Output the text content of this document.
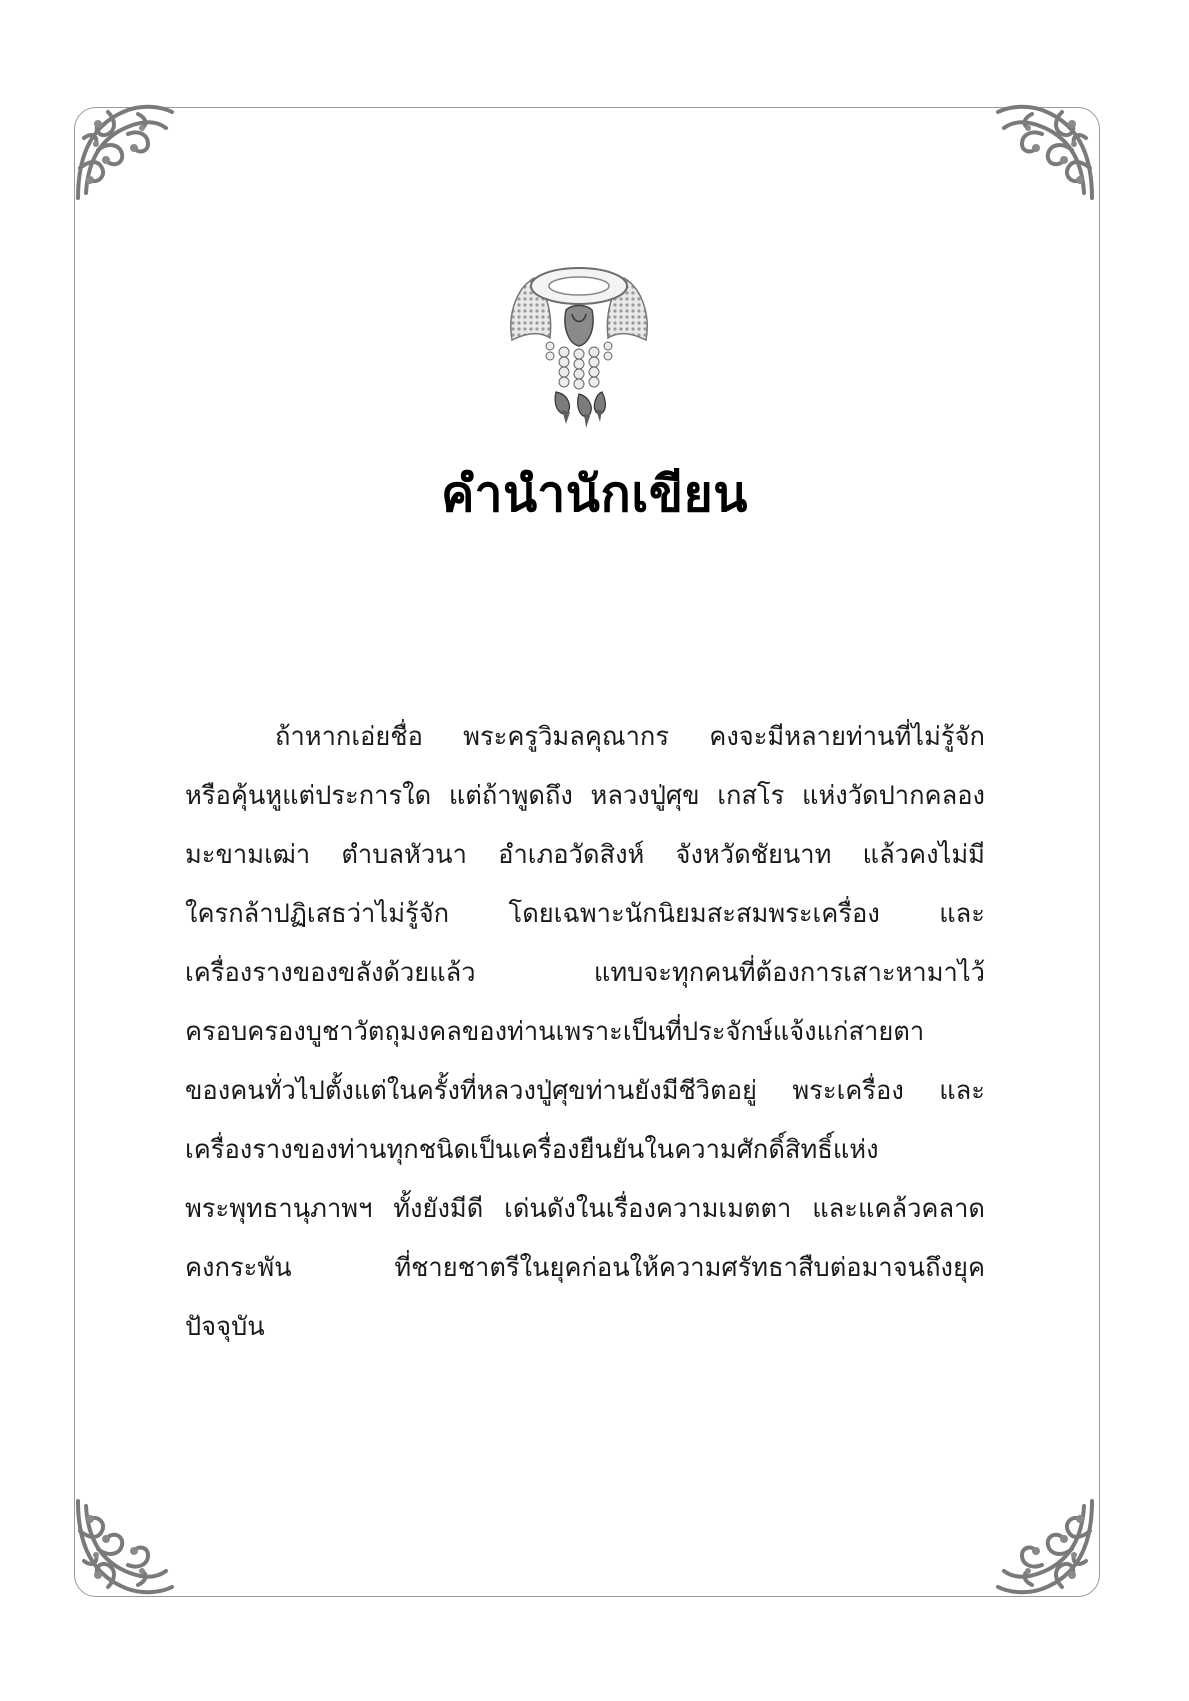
คำนำนักเขียน
ถ้าหากเอ่ยชื่อ พระครูวิมลคุณากร คงจะมีหลายท่านที่ไม่รู้จัก
หรือคุ้นหูแต่ประการใด แต่ถ้าพูดถึง หลวงปู่ศุข เกสโร แห่งวัดปากคลอง
มะขามเฒ่า ตำบลหัวนา อำเภอวัดสิงห์ จังหวัดชัยนาท แล้วคงไม่มี
ใครกล้าปฏิเสธว่าไม่รู้จัก โดยเฉพาะนักนิยมสะสมพระเครื่อง และ
เครื่องรางของขลังด้วยแล้ว แทบจะทุกคนที่ต้องการเสาะหามาไว้
ครอบครองบูชาวัตถุมงคลของท่านเพราะเป็นที่ประจักษ์แจ้งแก่สายตา
ของคนทั่วไปตั้งแต่ในครั้งที่หลวงปู่ศุขท่านยังมีชีวิตอยู่ พระเครื่อง และ
เครื่องรางของท่านทุกชนิดเป็นเครื่องยืนยันในความศักดิ์สิทธิ์แห่ง
พระพุทธานุภาพฯ ทั้งยังมีดี เด่นดังในเรื่องความเมตตา และแคล้วคลาด
คงกระพัน ที่ชายชาตรีในยุคก่อนให้ความศรัทธาสืบต่อมาจนถึงยุค
ปัจจุบัน
